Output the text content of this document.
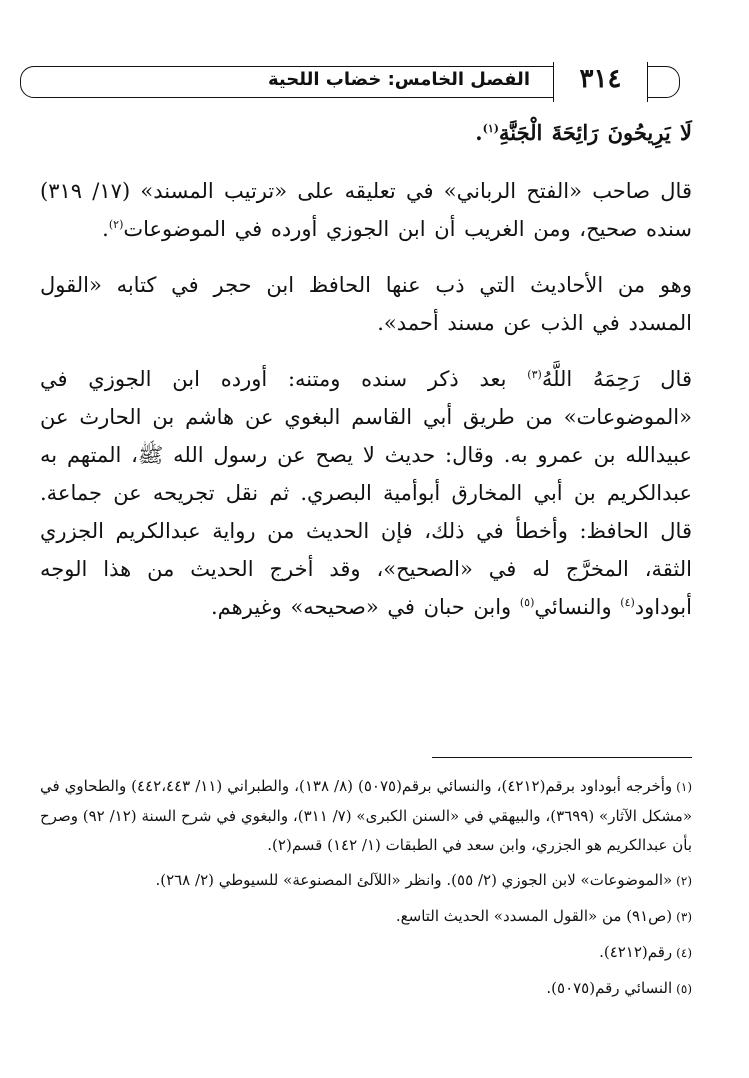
الفصل الخامس: خضاب اللحية	٣١٤

لَا يَرِيحُونَ رَائِحَةَ الْجَنَّةِ$^{(١)}$.

قال صاحب «الفتح الرباني» في تعليقه على «ترتيب المسند» (١٧/ ٣١٩) سنده صحيح، ومن الغريب أن ابن الجوزي أورده في الموضوعات$^{(٢)}$.

وهو من الأحاديث التي ذب عنها الحافظ ابن حجر في كتابه «القول المسدد في الذب عن مسند أحمد».

قال رَحِمَهُ اللَّهُ$^{(٣)}$ بعد ذكر سنده ومتنه: أورده ابن الجوزي في «الموضوعات» من طريق أبي القاسم البغوي عن هاشم بن الحارث عن عبيدالله بن عمرو به. وقال: حديث لا يصح عن رسول الله ﷺ، المتهم به عبدالكريم بن أبي المخارق أبوأمية البصري. ثم نقل تجريحه عن جماعة. قال الحافظ: وأخطأ في ذلك، فإن الحديث من رواية عبدالكريم الجزري الثقة، المخرَّج له في «الصحيح»، وقد أخرج الحديث من هذا الوجه أبوداود$^{(٤)}$ والنسائي$^{(٥)}$ وابن حبان في «صحيحه» وغيرهم.

(١)وأخرجه أبوداود برقم(٤٢١٢)، والنسائي برقم(٥٠٧٥) (٨/ ١٣٨)، والطبراني (١١/ ٤٤٢،٤٤٣) والطحاوي في «مشكل الآثار» (٣٦٩٩)، والبيهقي في «السنن الكبرى» (٧/ ٣١١)، والبغوي في شرح السنة (١٢/ ٩٢) وصرح بأن عبدالكريم هو الجزري، وابن سعد في الطبقات (١/ ١٤٢) قسم(٢).

(٢)«الموضوعات» لابن الجوزي (٢/ ٥٥). وانظر «اللآلئ المصنوعة» للسيوطي (٢/ ٢٦٨).

(٣)(ص٩١) من «القول المسدد» الحديث التاسع.

(٤)رقم(٤٢١٢).

(٥)النسائي رقم(٥٠٧٥).
